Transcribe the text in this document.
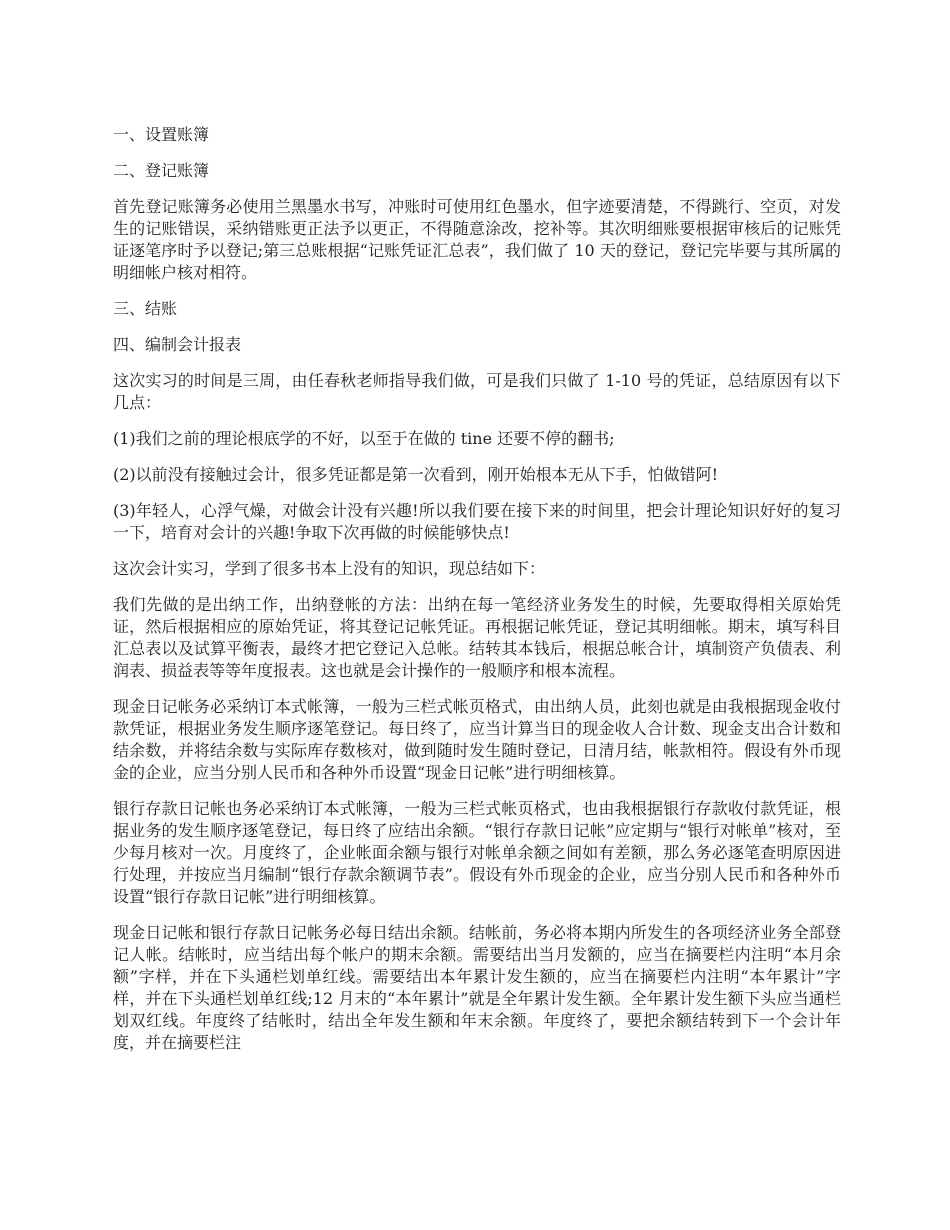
一、设置账簿

二、登记账簿

首先登记账簿务必使用兰黑墨水书写，冲账时可使用红色墨水，但字迹要清楚，不得跳行、空页，对发生的记账错误，采纳错账更正法予以更正，不得随意涂改，挖补等。其次明细账要根据审核后的记账凭证逐笔序时予以登记;第三总账根据“记账凭证汇总表”，我们做了 10 天的登记，登记完毕要与其所属的明细帐户核对相符。

三、结账

四、编制会计报表

这次实习的时间是三周，由任春秋老师指导我们做，可是我们只做了 1-10 号的凭证，总结原因有以下几点：

(1)我们之前的理论根底学的不好，以至于在做的 tine 还要不停的翻书;

(2)以前没有接触过会计，很多凭证都是第一次看到，刚开始根本无从下手，怕做错阿!

(3)年轻人，心浮气燥，对做会计没有兴趣!所以我们要在接下来的时间里，把会计理论知识好好的复习一下，培育对会计的兴趣!争取下次再做的时候能够快点!

这次会计实习，学到了很多书本上没有的知识，现总结如下：

我们先做的是出纳工作，出纳登帐的方法：出纳在每一笔经济业务发生的时候，先要取得相关原始凭证，然后根据相应的原始凭证，将其登记记帐凭证。再根据记帐凭证，登记其明细帐。期末，填写科目汇总表以及试算平衡表，最终才把它登记入总帐。结转其本钱后，根据总帐合计，填制资产负债表、利润表、损益表等等年度报表。这也就是会计操作的一般顺序和根本流程。

现金日记帐务必采纳订本式帐簿，一般为三栏式帐页格式，由出纳人员，此刻也就是由我根据现金收付款凭证，根据业务发生顺序逐笔登记。每日终了，应当计算当日的现金收人合计数、现金支出合计数和结余数，并将结余数与实际库存数核对，做到随时发生随时登记，日清月结，帐款相符。假设有外币现金的企业，应当分别人民币和各种外币设置“现金日记帐”进行明细核算。

银行存款日记帐也务必采纳订本式帐簿，一般为三栏式帐页格式，也由我根据银行存款收付款凭证，根据业务的发生顺序逐笔登记，每日终了应结出余额。“银行存款日记帐”应定期与“银行对帐单”核对，至少每月核对一次。月度终了，企业帐面余额与银行对帐单余额之间如有差额，那么务必逐笔查明原因进行处理，并按应当月编制“银行存款余额调节表”。假设有外币现金的企业，应当分别人民币和各种外币设置“银行存款日记帐”进行明细核算。

现金日记帐和银行存款日记帐务必每日结出余额。结帐前，务必将本期内所发生的各项经济业务全部登记人帐。结帐时，应当结出每个帐户的期末余额。需要结出当月发额的，应当在摘要栏内注明“本月余额”字样，并在下头通栏划单红线。需要结出本年累计发生额的，应当在摘要栏内注明“本年累计”字样，并在下头通栏划单红线;12 月末的“本年累计”就是全年累计发生额。全年累计发生额下头应当通栏划双红线。年度终了结帐时，结出全年发生额和年末余额。年度终了，要把余额结转到下一个会计年度，并在摘要栏注
